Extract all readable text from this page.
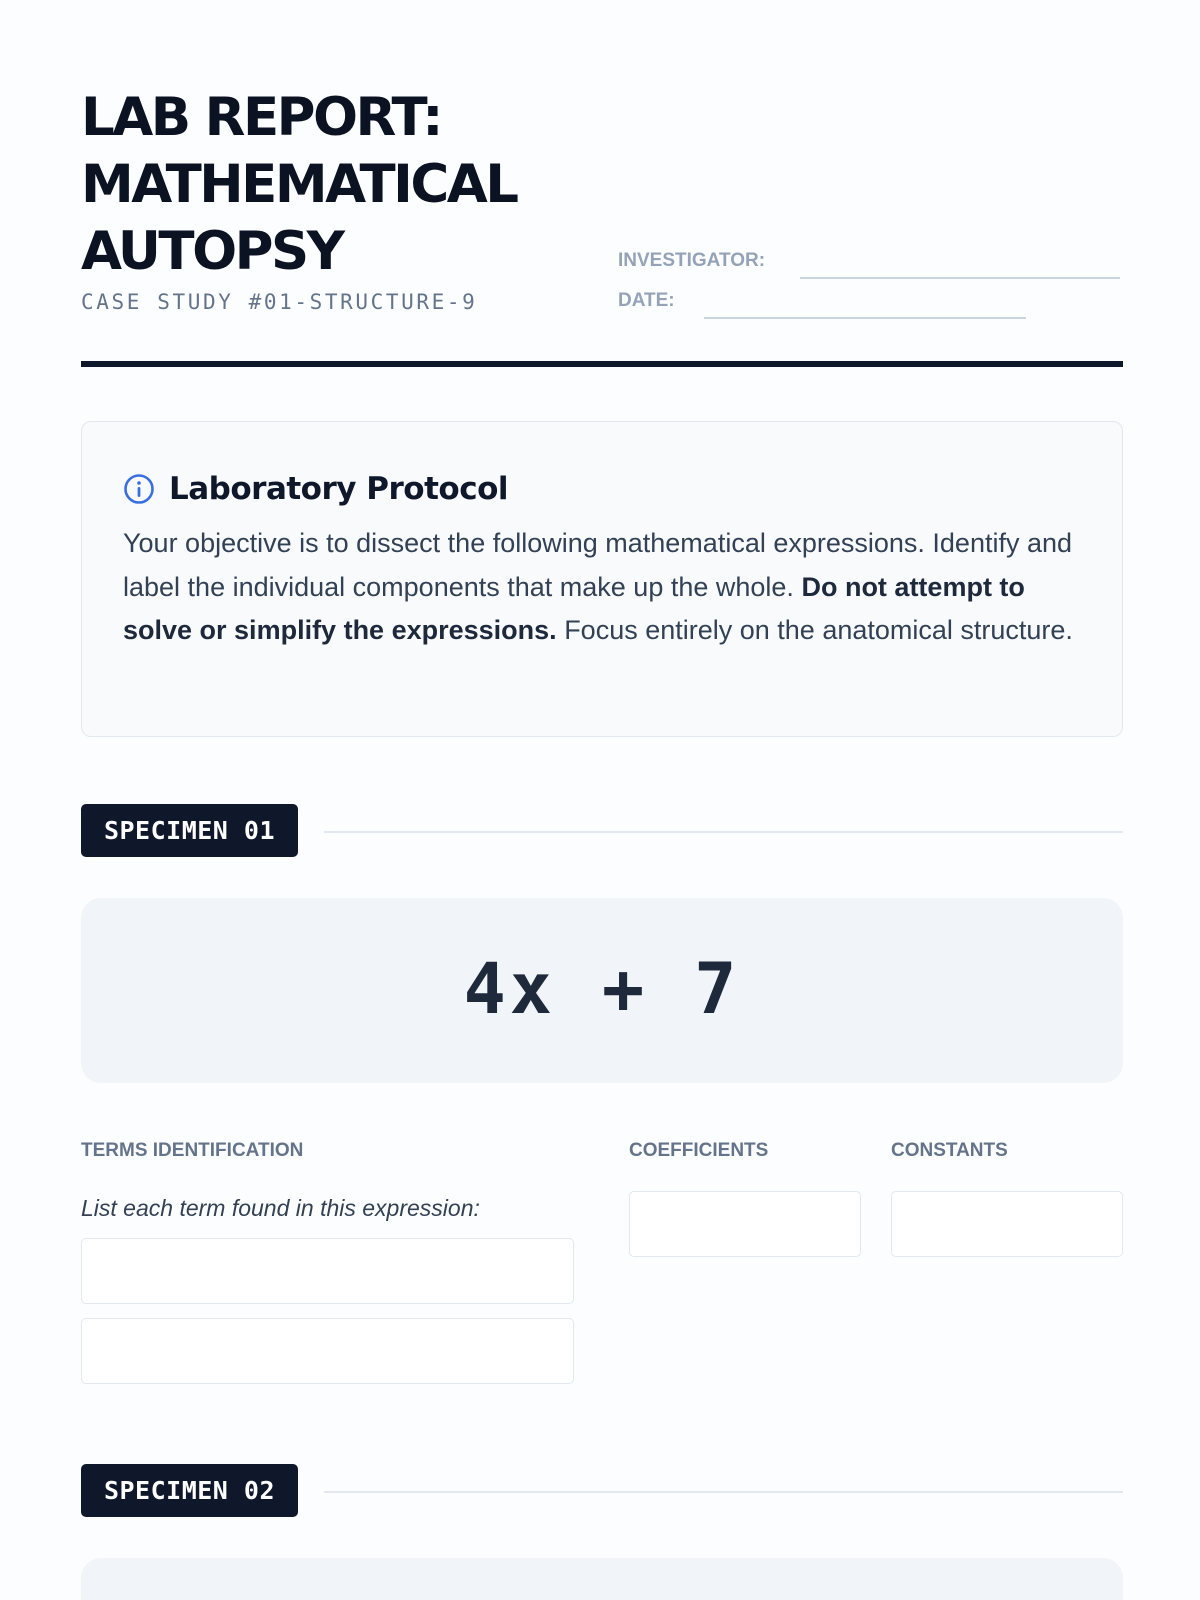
LAB REPORT:
MATHEMATICAL
AUTOPSY
CASE STUDY #01-STRUCTURE-9
INVESTIGATOR:
DATE:
Laboratory Protocol

Your objective is to dissect the following mathematical expressions. Identify and label the individual components that make up the whole. Do not attempt to solve or simplify the expressions. Focus entirely on the anatomical structure.

SPECIMEN 01
4x + 7
TERMS IDENTIFICATION	COEFFICIENTS	CONSTANTS
List each term found in this expression:
SPECIMEN 02
